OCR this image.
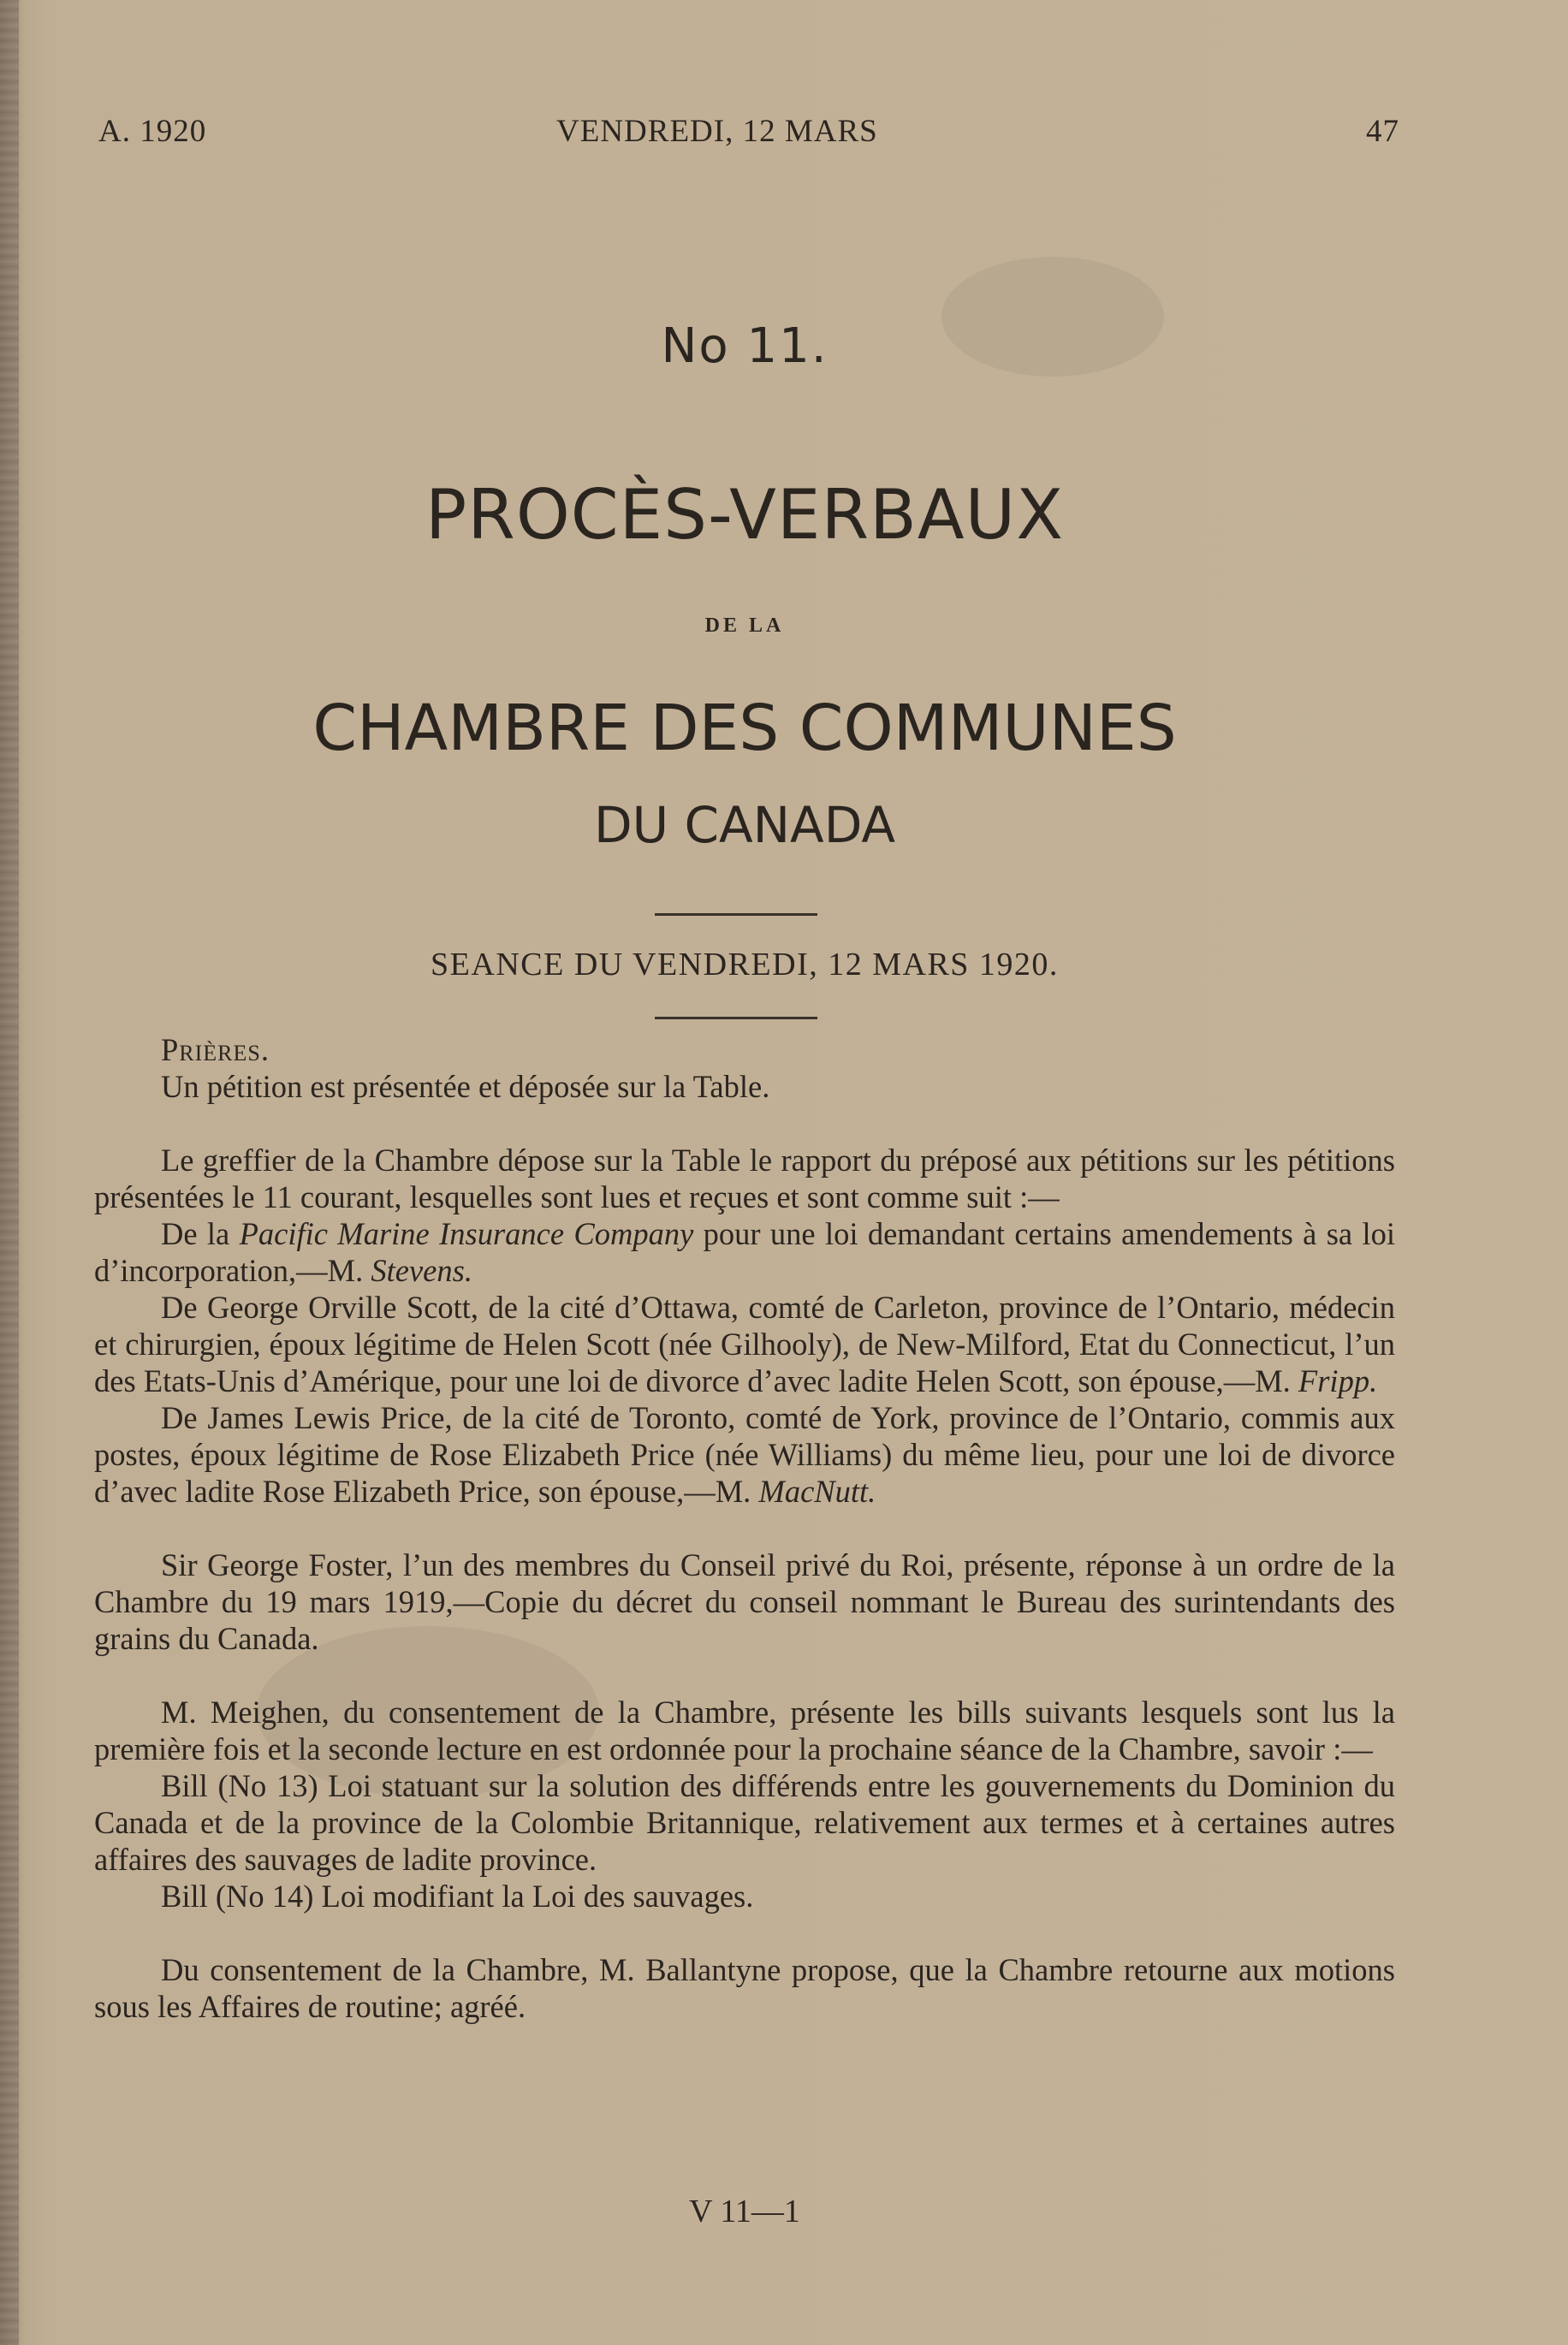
A. 1920	VENDREDI, 12 MARS	47
No 11.
PROCÈS-VERBAUX
DE LA
CHAMBRE DES COMMUNES
DU CANADA
SEANCE DU VENDREDI, 12 MARS 1920.

Prières.

Un pétition est présentée et déposée sur la Table.

Le greffier de la Chambre dépose sur la Table le rapport du préposé aux pétitions sur les pétitions présentées le 11 courant, lesquelles sont lues et reçues et sont comme suit :—

De la Pacific Marine Insurance Company pour une loi demandant certains amendements à sa loi d’incorporation,—M. Stevens.

De George Orville Scott, de la cité d’Ottawa, comté de Carleton, province de l’Ontario, médecin et chirurgien, époux légitime de Helen Scott (née Gilhooly), de New-Milford, Etat du Connecticut, l’un des Etats-Unis d’Amérique, pour une loi de divorce d’avec ladite Helen Scott, son épouse,—M. Fripp.

De James Lewis Price, de la cité de Toronto, comté de York, province de l’Ontario, commis aux postes, époux légitime de Rose Elizabeth Price (née Williams) du même lieu, pour une loi de divorce d’avec ladite Rose Elizabeth Price, son épouse,—M. MacNutt.

Sir George Foster, l’un des membres du Conseil privé du Roi, présente, réponse à un ordre de la Chambre du 19 mars 1919,—Copie du décret du conseil nommant le Bureau des surintendants des grains du Canada.

M. Meighen, du consentement de la Chambre, présente les bills suivants lesquels sont lus la première fois et la seconde lecture en est ordonnée pour la prochaine séance de la Chambre, savoir :—

Bill (No 13) Loi statuant sur la solution des différends entre les gouvernements du Dominion du Canada et de la province de la Colombie Britannique, relativement aux termes et à certaines autres affaires des sauvages de ladite province.

Bill (No 14) Loi modifiant la Loi des sauvages.

Du consentement de la Chambre, M. Ballantyne propose, que la Chambre retourne aux motions sous les Affaires de routine; agréé.

V 11—1
